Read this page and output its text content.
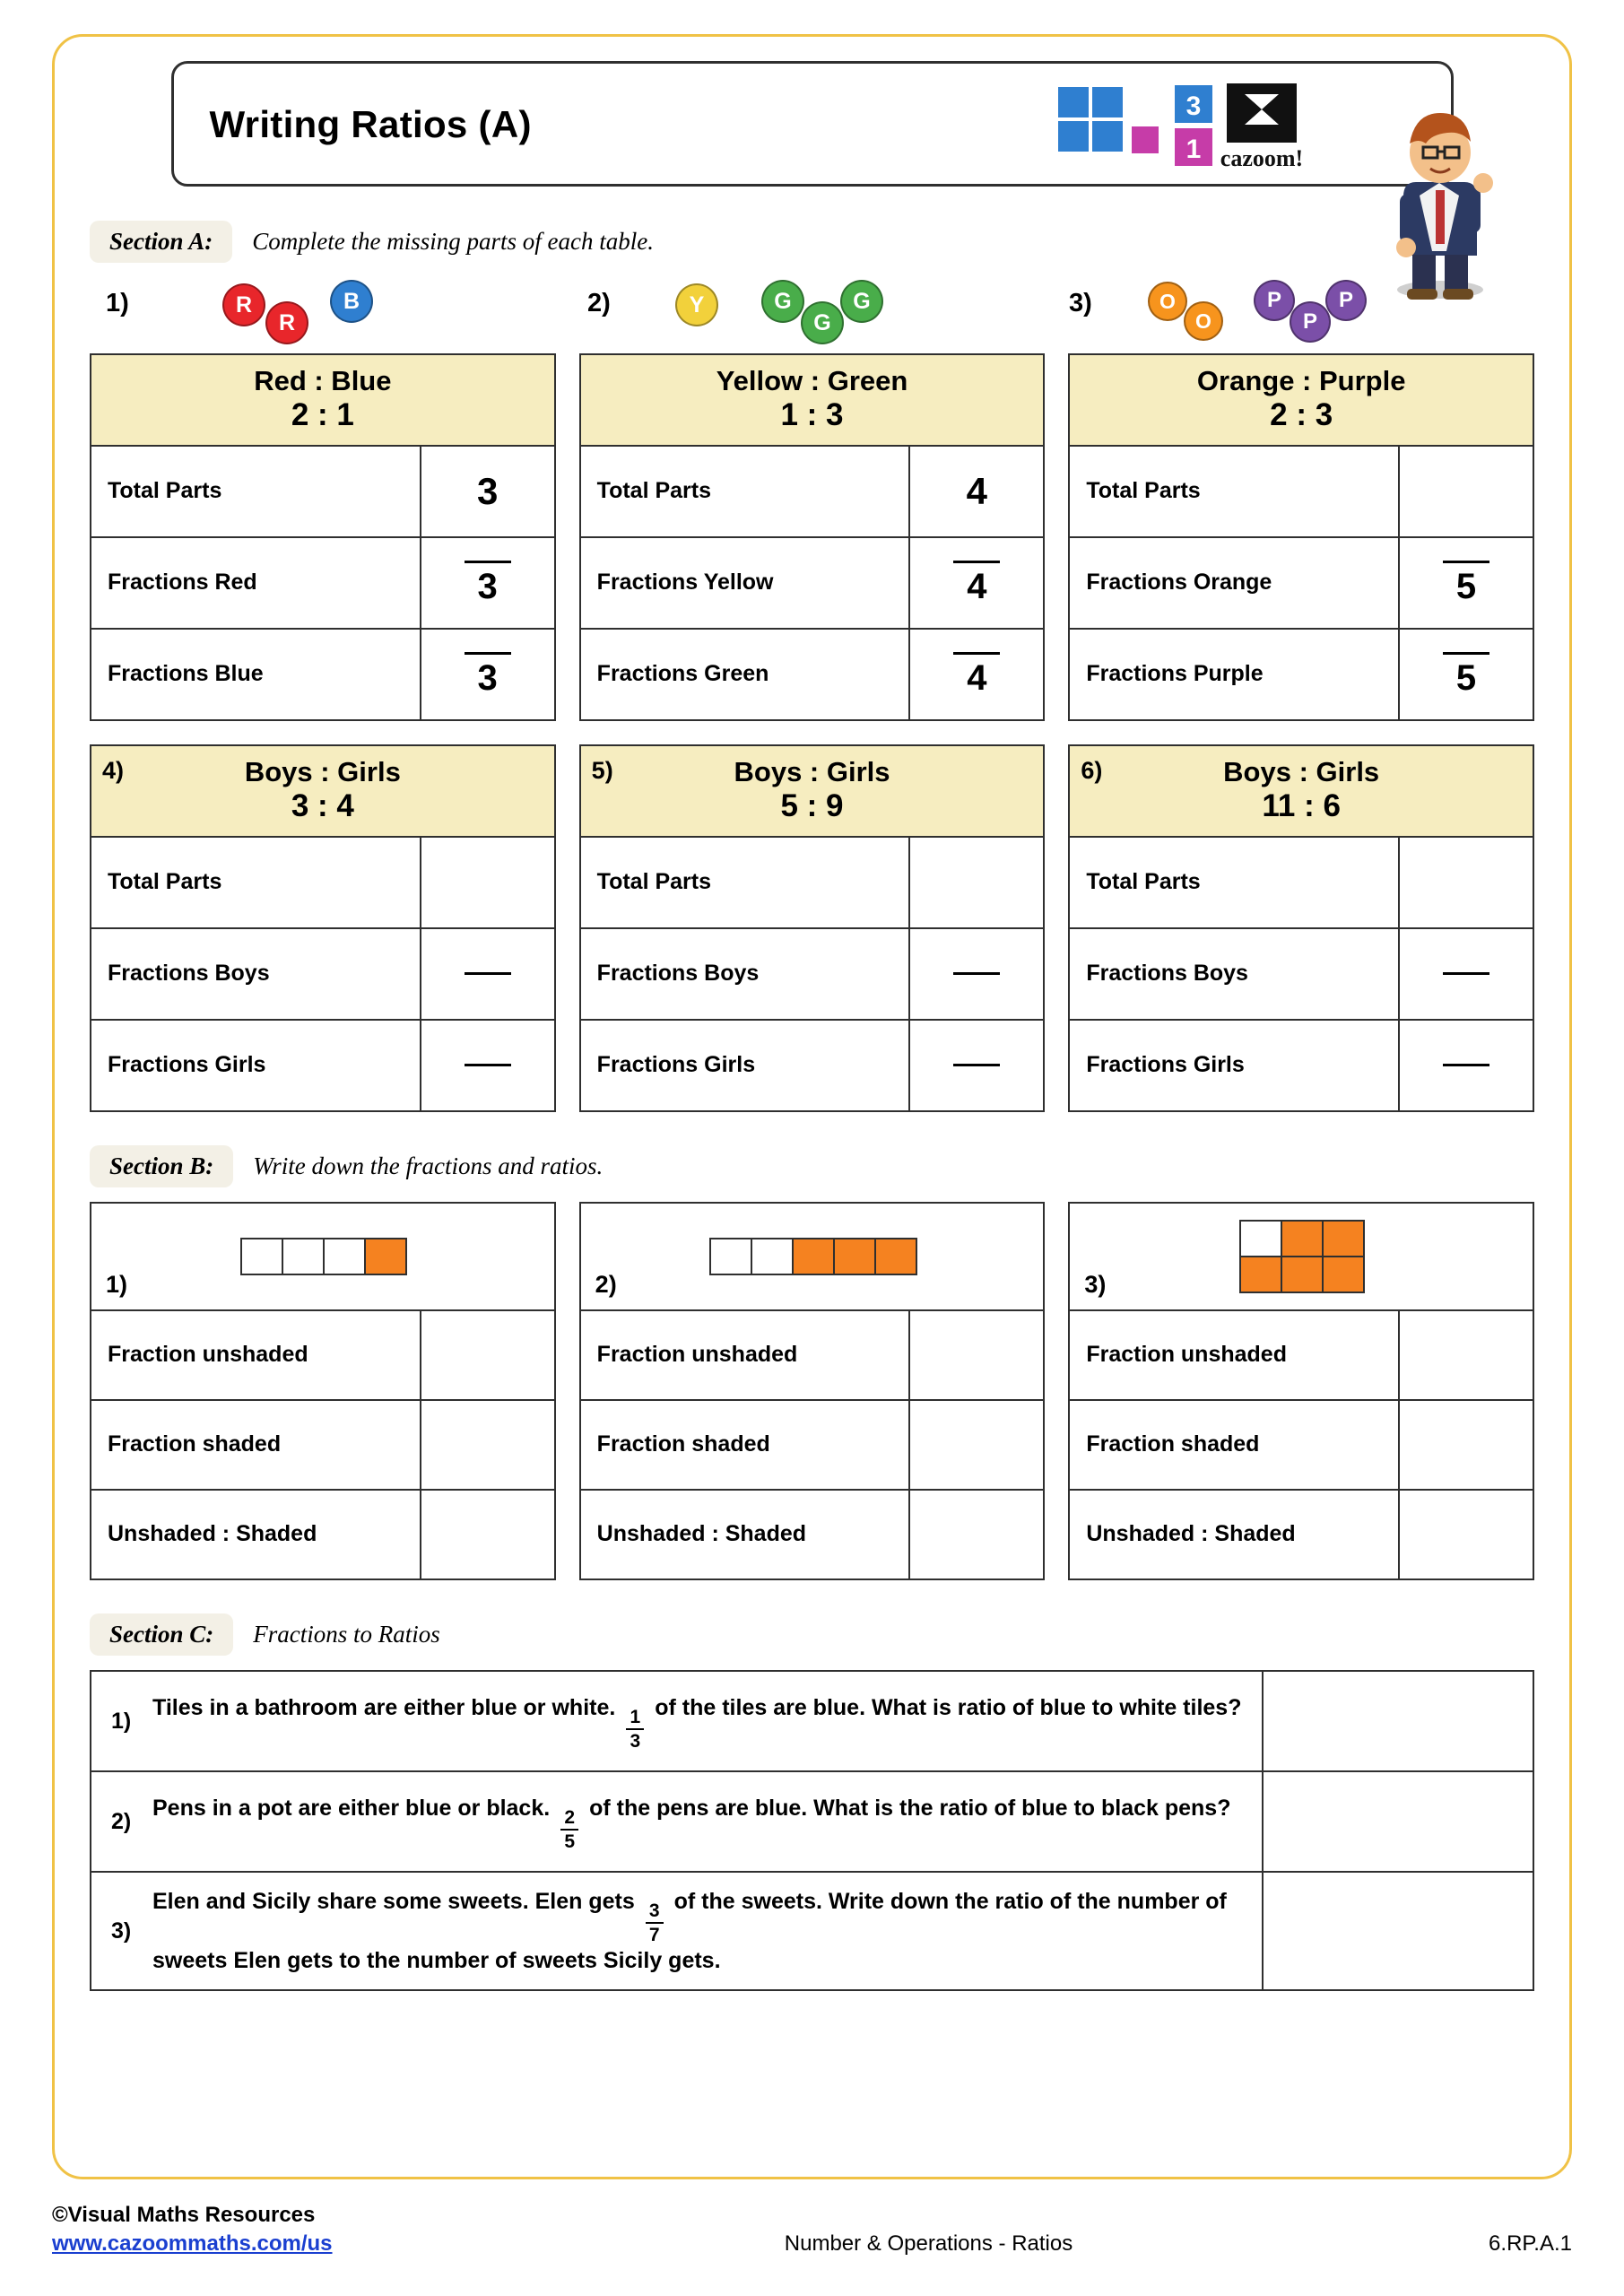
Writing Ratios (A)	3
1 cazoom!
Section A:	Complete the missing parts of each table.
1)	R
R
B	2)	Y	G
G
G	3)	O
O
P
P
P
Red : Blue
2 : 1
Total Parts	3
Fractions Red	3
Fractions Blue	3
Yellow : Green
1 : 3
Total Parts	4
Fractions Yellow	4
Fractions Green	4
Orange : Purple
2 : 3
Total Parts
Fractions Orange	5
Fractions Purple	5
4)	Boys : Girls
3 : 4
Total Parts
Fractions Boys
Fractions Girls
5)	Boys : Girls
5 : 9
Total Parts
Fractions Boys
Fractions Girls
6)	Boys : Girls
11 : 6
Total Parts
Fractions Boys
Fractions Girls
Section B:	Write down the fractions and ratios.
1)
Fraction unshaded
Fraction shaded
Unshaded : Shaded
2)
Fraction unshaded
Fraction shaded
Unshaded : Shaded
3)
Fraction unshaded
Fraction shaded
Unshaded : Shaded
Section C:	Fractions to Ratios
1)
Tiles in a bathroom are either blue or white. $\frac{1}{3}$ of the tiles are blue. What is ratio of blue to white tiles?
2)
Pens in a pot are either blue or black. $\frac{2}{5}$ of the pens are blue. What is the ratio of blue to black pens?
3)
Elen and Sicily share some sweets. Elen gets $\frac{3}{7}$ of the sweets. Write down the ratio of the number of sweets Elen gets to the number of sweets Sicily gets.
©Visual Maths Resources
www.cazoommaths.com/us	Number & Operations - Ratios	6.RP.A.1
